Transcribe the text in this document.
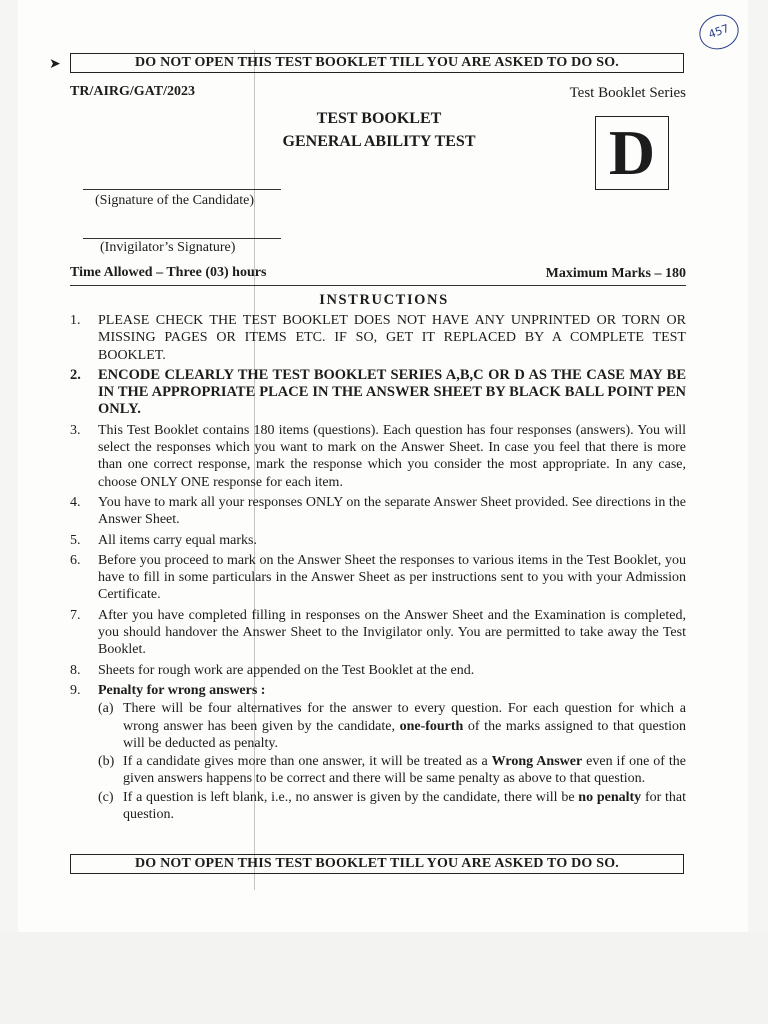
457
➤	DO NOT OPEN THIS TEST BOOKLET TILL YOU ARE ASKED TO DO SO.
TR/AIRG/GAT/2023	Test Booklet Series
TEST BOOKLET
GENERAL ABILITY TEST	D
(Signature of the Candidate)
(Invigilator’s Signature)
Time Allowed – Three (03) hours	Maximum Marks – 180
INSTRUCTIONS
1. PLEASE CHECK THE TEST BOOKLET DOES NOT HAVE ANY UNPRINTED OR TORN OR MISSING PAGES OR ITEMS ETC. IF SO, GET IT REPLACED BY A COMPLETE TEST BOOKLET.
2. ENCODE CLEARLY THE TEST BOOKLET SERIES A,B,C OR D AS THE CASE MAY BE IN THE APPROPRIATE PLACE IN THE ANSWER SHEET BY BLACK BALL POINT PEN ONLY.
3. This Test Booklet contains 180 items (questions). Each question has four responses (answers). You will select the responses which you want to mark on the Answer Sheet. In case you feel that there is more than one correct response, mark the response which you consider the most appropriate. In any case, choose ONLY ONE response for each item.
4. You have to mark all your responses ONLY on the separate Answer Sheet provided. See directions in the Answer Sheet.
5. All items carry equal marks.
6. Before you proceed to mark on the Answer Sheet the responses to various items in the Test Booklet, you have to fill in some particulars in the Answer Sheet as per instructions sent to you with your Admission Certificate.
7. After you have completed filling in responses on the Answer Sheet and the Examination is completed, you should handover the Answer Sheet to the Invigilator only. You are permitted to take away the Test Booklet.
8. Sheets for rough work are appended on the Test Booklet at the end.
9. Penalty for wrong answers :
(a) There will be four alternatives for the answer to every question. For each question for which a wrong answer has been given by the candidate, one-fourth of the marks assigned to that question will be deducted as penalty.
(b) If a candidate gives more than one answer, it will be treated as a Wrong Answer even if one of the given answers happens to be correct and there will be same penalty as above to that question.
(c) If a question is left blank, i.e., no answer is given by the candidate, there will be no penalty for that question.
DO NOT OPEN THIS TEST BOOKLET TILL YOU ARE ASKED TO DO SO.
